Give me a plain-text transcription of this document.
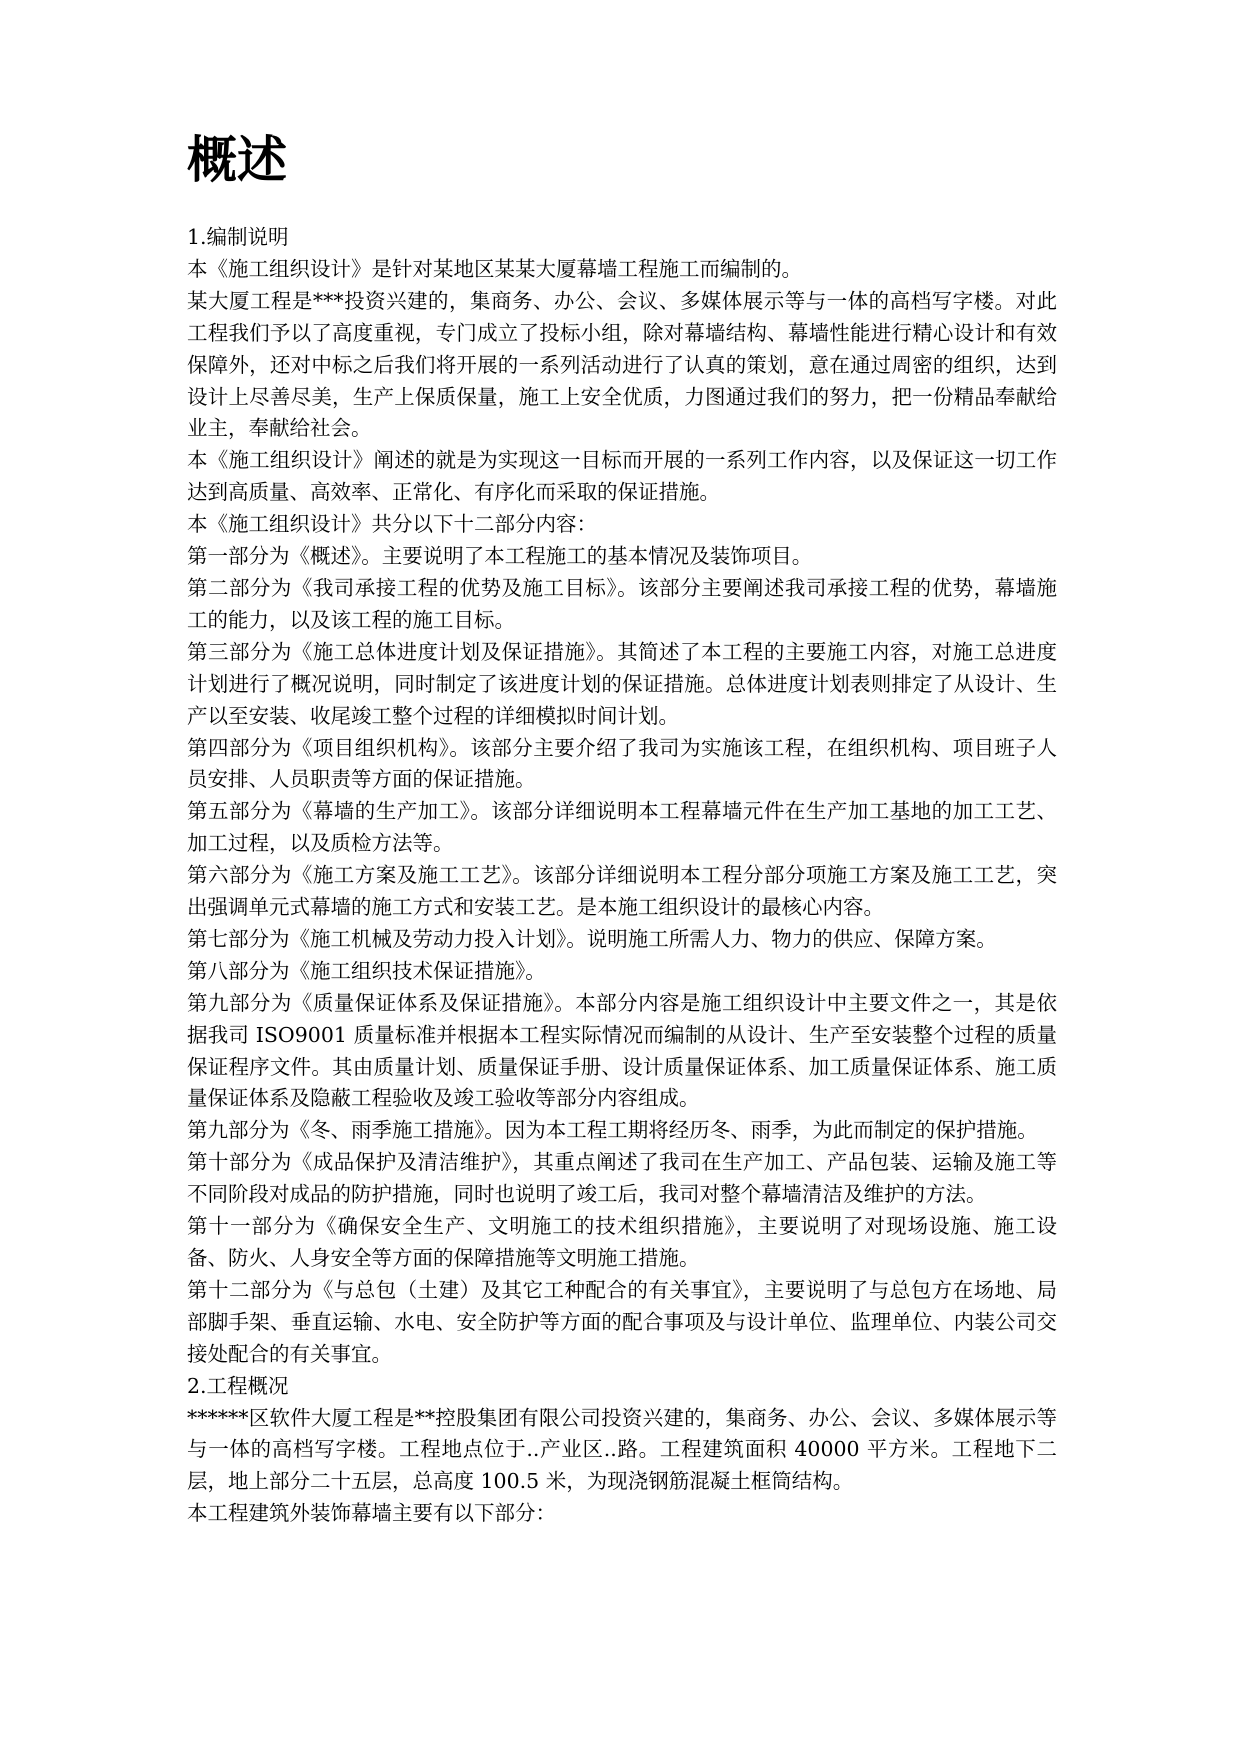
概述

1.编制说明

本《施工组织设计》是针对某地区某某大厦幕墙工程施工而编制的。

某大厦工程是***投资兴建的，集商务、办公、会议、多媒体展示等与一体的高档写字楼。对此工程我们予以了高度重视，专门成立了投标小组，除对幕墙结构、幕墙性能进行精心设计和有效保障外，还对中标之后我们将开展的一系列活动进行了认真的策划，意在通过周密的组织，达到设计上尽善尽美，生产上保质保量，施工上安全优质，力图通过我们的努力，把一份精品奉献给业主，奉献给社会。

本《施工组织设计》阐述的就是为实现这一目标而开展的一系列工作内容，以及保证这一切工作达到高质量、高效率、正常化、有序化而采取的保证措施。

本《施工组织设计》共分以下十二部分内容：

第一部分为《概述》。主要说明了本工程施工的基本情况及装饰项目。

第二部分为《我司承接工程的优势及施工目标》。该部分主要阐述我司承接工程的优势，幕墙施工的能力，以及该工程的施工目标。

第三部分为《施工总体进度计划及保证措施》。其简述了本工程的主要施工内容，对施工总进度计划进行了概况说明，同时制定了该进度计划的保证措施。总体进度计划表则排定了从设计、生产以至安装、收尾竣工整个过程的详细模拟时间计划。

第四部分为《项目组织机构》。该部分主要介绍了我司为实施该工程，在组织机构、项目班子人员安排、人员职责等方面的保证措施。

第五部分为《幕墙的生产加工》。该部分详细说明本工程幕墙元件在生产加工基地的加工工艺、加工过程，以及质检方法等。

第六部分为《施工方案及施工工艺》。该部分详细说明本工程分部分项施工方案及施工工艺，突出强调单元式幕墙的施工方式和安装工艺。是本施工组织设计的最核心内容。

第七部分为《施工机械及劳动力投入计划》。说明施工所需人力、物力的供应、保障方案。

第八部分为《施工组织技术保证措施》。

第九部分为《质量保证体系及保证措施》。本部分内容是施工组织设计中主要文件之一，其是依据我司 ISO9001 质量标准并根据本工程实际情况而编制的从设计、生产至安装整个过程的质量保证程序文件。其由质量计划、质量保证手册、设计质量保证体系、加工质量保证体系、施工质量保证体系及隐蔽工程验收及竣工验收等部分内容组成。

第九部分为《冬、雨季施工措施》。因为本工程工期将经历冬、雨季，为此而制定的保护措施。

第十部分为《成品保护及清洁维护》，其重点阐述了我司在生产加工、产品包装、运输及施工等不同阶段对成品的防护措施，同时也说明了竣工后，我司对整个幕墙清洁及维护的方法。

第十一部分为《确保安全生产、文明施工的技术组织措施》，主要说明了对现场设施、施工设备、防火、人身安全等方面的保障措施等文明施工措施。

第十二部分为《与总包（土建）及其它工种配合的有关事宜》，主要说明了与总包方在场地、局部脚手架、垂直运输、水电、安全防护等方面的配合事项及与设计单位、监理单位、内装公司交接处配合的有关事宜。

2.工程概况

******区软件大厦工程是**控股集团有限公司投资兴建的，集商务、办公、会议、多媒体展示等与一体的高档写字楼。工程地点位于..产业区..路。工程建筑面积 40000 平方米。工程地下二层，地上部分二十五层，总高度 100.5 米，为现浇钢筋混凝土框筒结构。

本工程建筑外装饰幕墙主要有以下部分：
